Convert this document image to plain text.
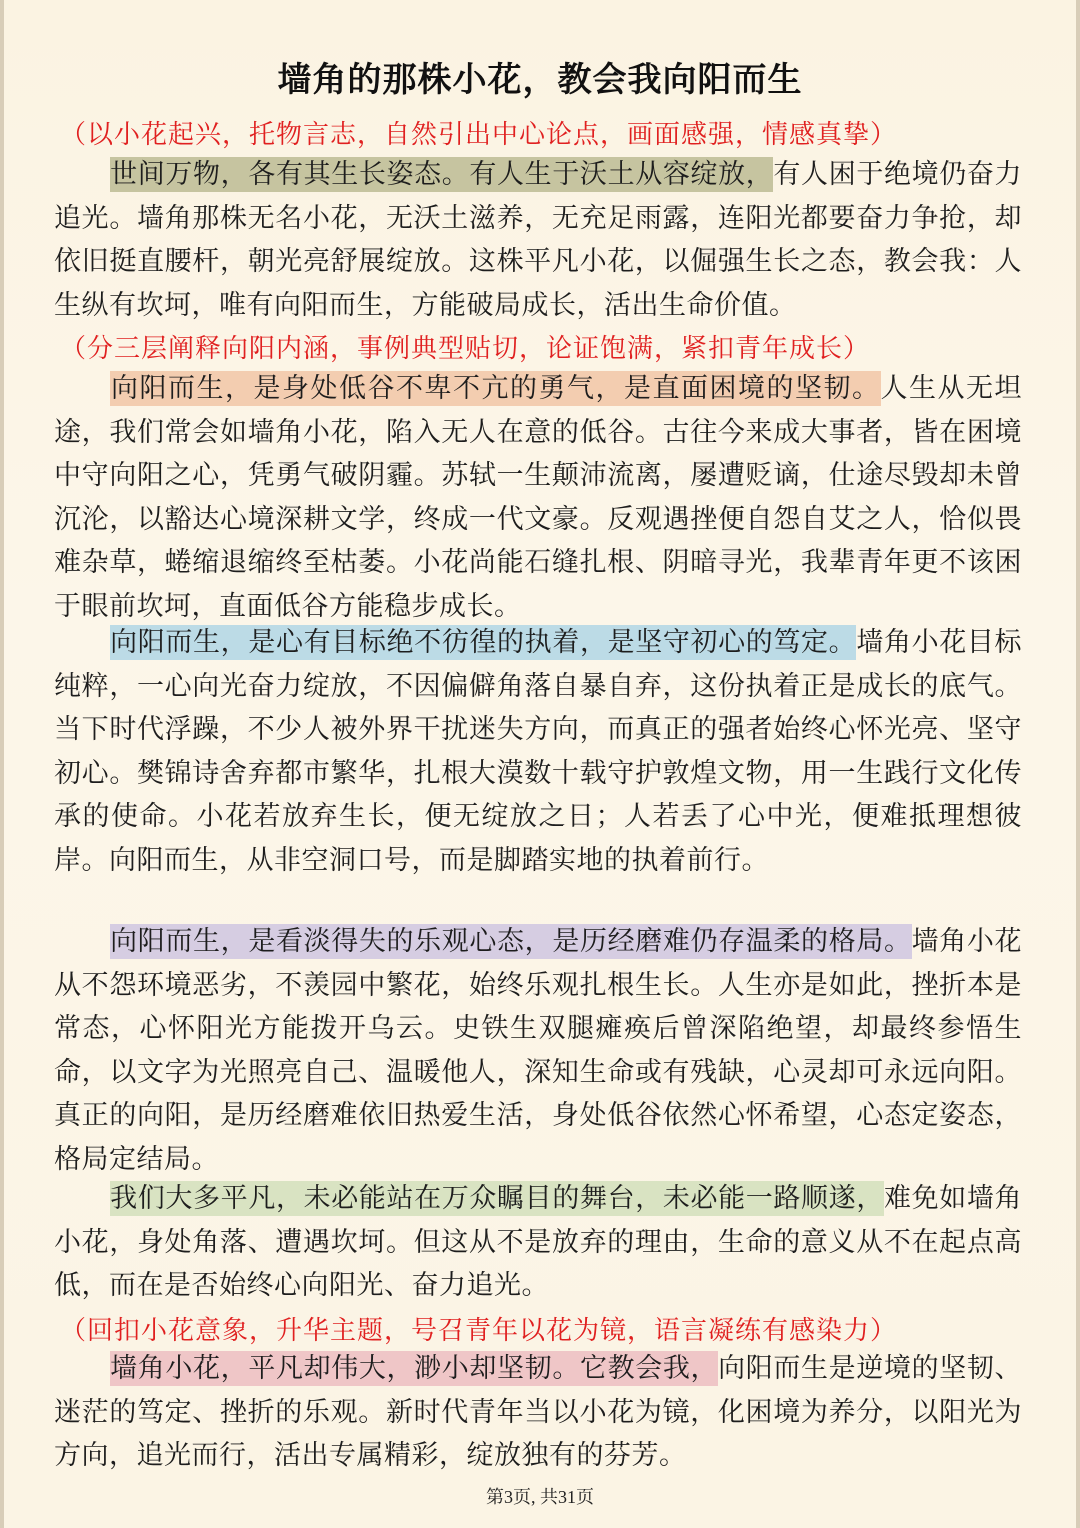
墙角的那株小花，教会我向阳而生
（以小花起兴，托物言志，自然引出中心论点，画面感强，情感真挚）
世间万物，各有其生长姿态。有人生于沃土从容绽放，有人困于绝境仍奋力追光。墙角那株无名小花，无沃土滋养，无充足雨露，连阳光都要奋力争抢，却依旧挺直腰杆，朝光亮舒展绽放。这株平凡小花，以倔强生长之态，教会我：人生纵有坎坷，唯有向阳而生，方能破局成长，活出生命价值。
（分三层阐释向阳内涵，事例典型贴切，论证饱满，紧扣青年成长）
向阳而生，是身处低谷不卑不亢的勇气，是直面困境的坚韧。人生从无坦途，我们常会如墙角小花，陷入无人在意的低谷。古往今来成大事者，皆在困境中守向阳之心，凭勇气破阴霾。苏轼一生颠沛流离，屡遭贬谪，仕途尽毁却未曾沉沦，以豁达心境深耕文学，终成一代文豪。反观遇挫便自怨自艾之人，恰似畏难杂草，蜷缩退缩终至枯萎。小花尚能石缝扎根、阴暗寻光，我辈青年更不该困于眼前坎坷，直面低谷方能稳步成长。
向阳而生，是心有目标绝不彷徨的执着，是坚守初心的笃定。墙角小花目标纯粹，一心向光奋力绽放，不因偏僻角落自暴自弃，这份执着正是成长的底气。当下时代浮躁，不少人被外界干扰迷失方向，而真正的强者始终心怀光亮、坚守初心。樊锦诗舍弃都市繁华，扎根大漠数十载守护敦煌文物，用一生践行文化传承的使命。小花若放弃生长，便无绽放之日；人若丢了心中光，便难抵理想彼岸。向阳而生，从非空洞口号，而是脚踏实地的执着前行。
向阳而生，是看淡得失的乐观心态，是历经磨难仍存温柔的格局。墙角小花从不怨环境恶劣，不羡园中繁花，始终乐观扎根生长。人生亦是如此，挫折本是常态，心怀阳光方能拨开乌云。史铁生双腿瘫痪后曾深陷绝望，却最终参悟生命，以文字为光照亮自己、温暖他人，深知生命或有残缺，心灵却可永远向阳。真正的向阳，是历经磨难依旧热爱生活，身处低谷依然心怀希望，心态定姿态，格局定结局。
我们大多平凡，未必能站在万众瞩目的舞台，未必能一路顺遂，难免如墙角小花，身处角落、遭遇坎坷。但这从不是放弃的理由，生命的意义从不在起点高低，而在是否始终心向阳光、奋力追光。
（回扣小花意象，升华主题，号召青年以花为镜，语言凝练有感染力）
墙角小花，平凡却伟大，渺小却坚韧。它教会我，向阳而生是逆境的坚韧、迷茫的笃定、挫折的乐观。新时代青年当以小花为镜，化困境为养分，以阳光为方向，追光而行，活出专属精彩，绽放独有的芬芳。
第3页, 共31页
